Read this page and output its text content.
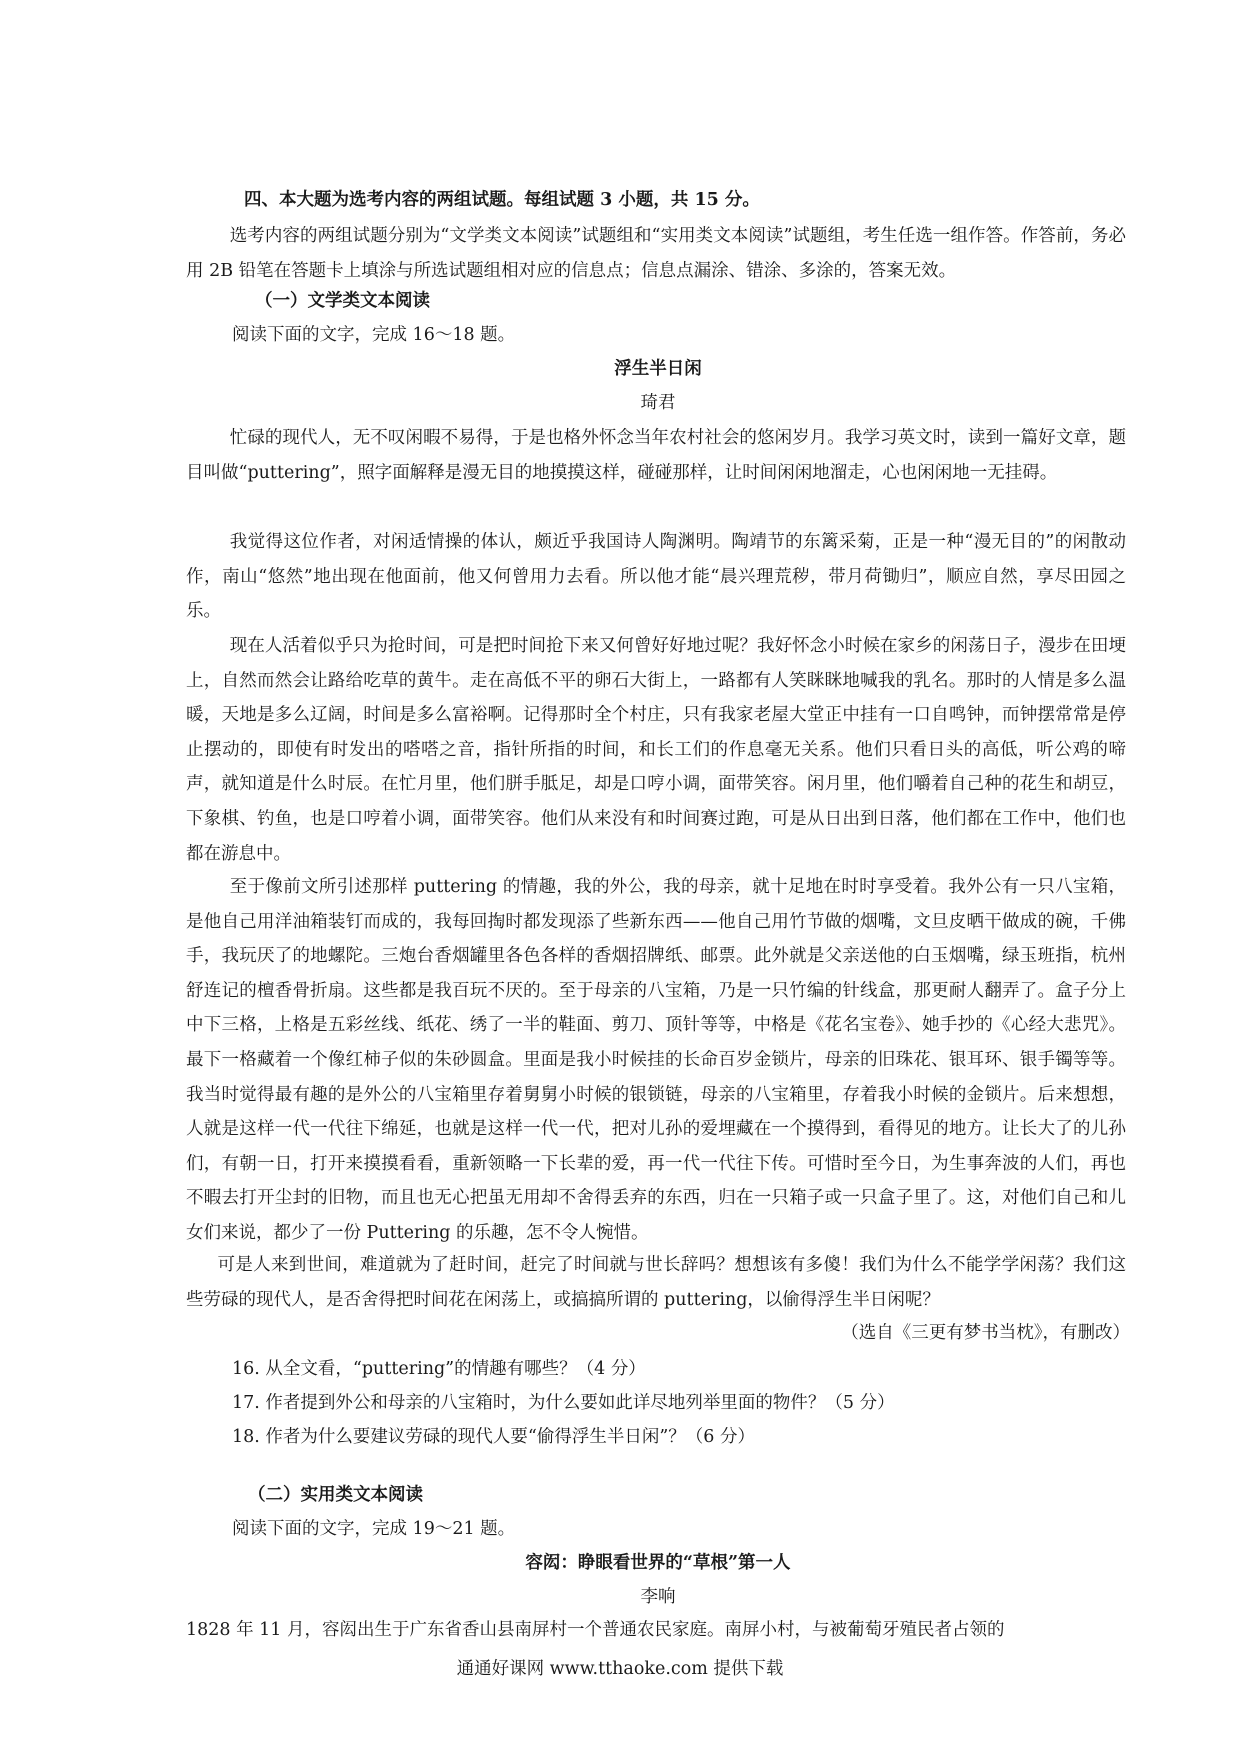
四、本大题为选考内容的两组试题。每组试题 3 小题，共 15 分。
选考内容的两组试题分别为“文学类文本阅读”试题组和“实用类文本阅读”试题组，考生任选一组作答。作答前，务必用 2B 铅笔在答题卡上填涂与所选试题组相对应的信息点；信息点漏涂、错涂、多涂的，答案无效。
（一）文学类文本阅读
阅读下面的文字，完成 16～18 题。
浮生半日闲
琦君
忙碌的现代人，无不叹闲暇不易得，于是也格外怀念当年农村社会的悠闲岁月。我学习英文时，读到一篇好文章，题目叫做“puttering”，照字面解释是漫无目的地摸摸这样，碰碰那样，让时间闲闲地溜走，心也闲闲地一无挂碍。
我觉得这位作者，对闲适情操的体认，颇近乎我国诗人陶渊明。陶靖节的东篱采菊，正是一种“漫无目的”的闲散动作，南山“悠然”地出现在他面前，他又何曾用力去看。所以他才能“晨兴理荒秽，带月荷锄归”，顺应自然，享尽田园之乐。
现在人活着似乎只为抢时间，可是把时间抢下来又何曾好好地过呢？我好怀念小时候在家乡的闲荡日子，漫步在田埂上，自然而然会让路给吃草的黄牛。走在高低不平的卵石大街上，一路都有人笑眯眯地喊我的乳名。那时的人情是多么温暖，天地是多么辽阔，时间是多么富裕啊。记得那时全个村庄，只有我家老屋大堂正中挂有一口自鸣钟，而钟摆常常是停止摆动的，即使有时发出的嗒嗒之音，指针所指的时间，和长工们的作息毫无关系。他们只看日头的高低，听公鸡的啼声，就知道是什么时辰。在忙月里，他们胼手胝足，却是口哼小调，面带笑容。闲月里，他们嚼着自己种的花生和胡豆，下象棋、钓鱼，也是口哼着小调，面带笑容。他们从来没有和时间赛过跑，可是从日出到日落，他们都在工作中，他们也都在游息中。
至于像前文所引述那样 puttering 的情趣，我的外公，我的母亲，就十足地在时时享受着。我外公有一只八宝箱，是他自己用洋油箱装钉而成的，我每回掏时都发现添了些新东西——他自己用竹节做的烟嘴，文旦皮晒干做成的碗，千佛手，我玩厌了的地螺陀。三炮台香烟罐里各色各样的香烟招牌纸、邮票。此外就是父亲送他的白玉烟嘴，绿玉班指，杭州舒连记的檀香骨折扇。这些都是我百玩不厌的。至于母亲的八宝箱，乃是一只竹编的针线盒，那更耐人翻弄了。盒子分上中下三格，上格是五彩丝线、纸花、绣了一半的鞋面、剪刀、顶针等等，中格是《花名宝卷》、她手抄的《心经大悲咒》。最下一格藏着一个像红柿子似的朱砂圆盒。里面是我小时候挂的长命百岁金锁片，母亲的旧珠花、银耳环、银手镯等等。我当时觉得最有趣的是外公的八宝箱里存着舅舅小时候的银锁链，母亲的八宝箱里，存着我小时候的金锁片。后来想想，人就是这样一代一代往下绵延，也就是这样一代一代，把对儿孙的爱埋藏在一个摸得到，看得见的地方。让长大了的儿孙们，有朝一日，打开来摸摸看看，重新领略一下长辈的爱，再一代一代往下传。可惜时至今日，为生事奔波的人们，再也不暇去打开尘封的旧物，而且也无心把虽无用却不舍得丢弃的东西，归在一只箱子或一只盒子里了。这，对他们自己和儿女们来说，都少了一份 Puttering 的乐趣，怎不令人惋惜。
可是人来到世间，难道就为了赶时间，赶完了时间就与世长辞吗？想想该有多傻！我们为什么不能学学闲荡？我们这些劳碌的现代人，是否舍得把时间花在闲荡上，或搞搞所谓的 puttering，以偷得浮生半日闲呢？
（选自《三更有梦书当枕》，有删改）
16. 从全文看，“puttering”的情趣有哪些？（4 分）
17. 作者提到外公和母亲的八宝箱时，为什么要如此详尽地列举里面的物件？（5 分）
18. 作者为什么要建议劳碌的现代人要“偷得浮生半日闲”？（6 分）
（二）实用类文本阅读
阅读下面的文字，完成 19～21 题。
容闳：睁眼看世界的“草根”第一人
李响
1828 年 11 月，容闳出生于广东省香山县南屏村一个普通农民家庭。南屏小村，与被葡萄牙殖民者占领的
通通好课网 www.tthaoke.com 提供下载
